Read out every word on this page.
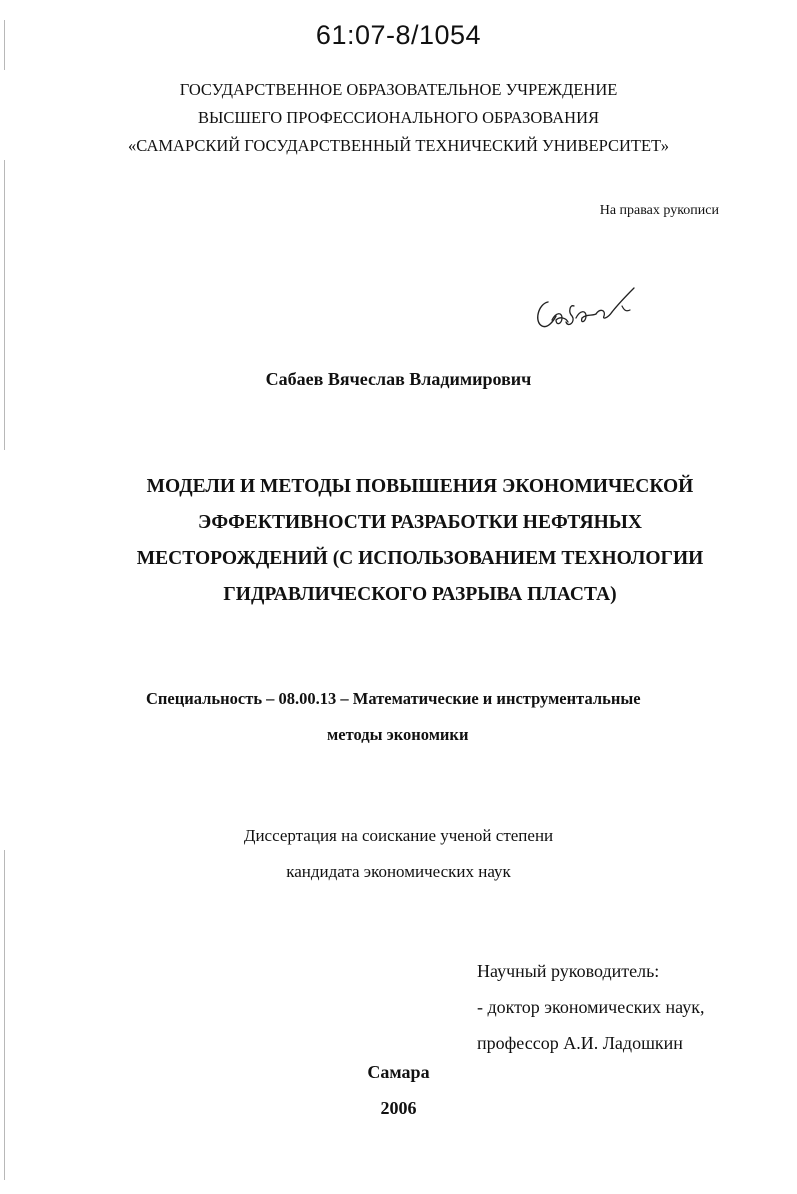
61:07-8/1054
ГОСУДАРСТВЕННОЕ ОБРАЗОВАТЕЛЬНОЕ УЧРЕЖДЕНИЕ
ВЫСШЕГО ПРОФЕССИОНАЛЬНОГО ОБРАЗОВАНИЯ
«САМАРСКИЙ ГОСУДАРСТВЕННЫЙ ТЕХНИЧЕСКИЙ УНИВЕРСИТЕТ»
На правах рукописи
Сабаев Вячеслав Владимирович
МОДЕЛИ И МЕТОДЫ ПОВЫШЕНИЯ ЭКОНОМИЧЕСКОЙ
ЭФФЕКТИВНОСТИ РАЗРАБОТКИ НЕФТЯНЫХ
МЕСТОРОЖДЕНИЙ (С ИСПОЛЬЗОВАНИЕМ ТЕХНОЛОГИИ
ГИДРАВЛИЧЕСКОГО РАЗРЫВА ПЛАСТА)
Специальность – 08.00.13 – Математические и инструментальные
методы экономики
Диссертация на соискание ученой степени
кандидата экономических наук
Научный руководитель:
- доктор экономических наук,
профессор А.И. Ладошкин
Самара
2006
